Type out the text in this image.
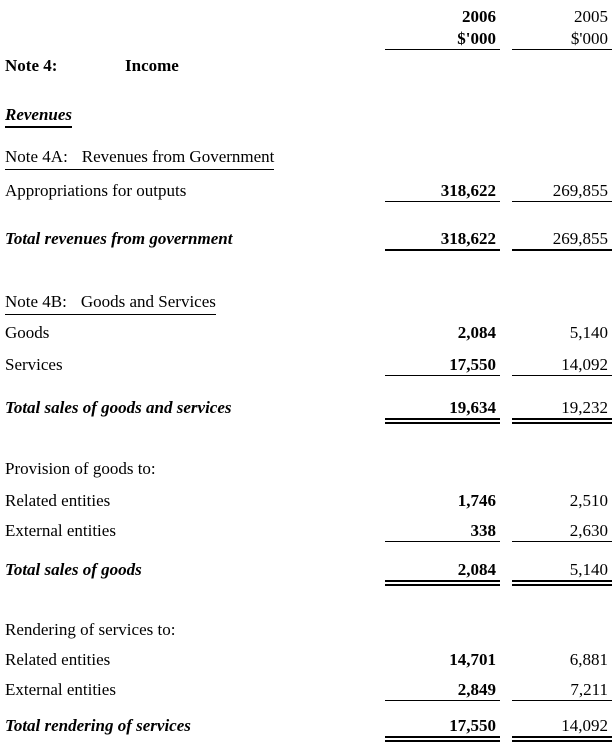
2006	2005
$'000	$'000
Note 4:	Income
Revenues
Note 4A: Revenues from Government
Appropriations for outputs	318,622	269,855
Total revenues from government	318,622	269,855
Note 4B: Goods and Services
Goods	2,084	5,140
Services	17,550	14,092
Total sales of goods and services	19,634	19,232
Provision of goods to:
Related entities	1,746	2,510
External entities	338	2,630
Total sales of goods	2,084	5,140
Rendering of services to:
Related entities	14,701	6,881
External entities	2,849	7,211
Total rendering of services	17,550	14,092
